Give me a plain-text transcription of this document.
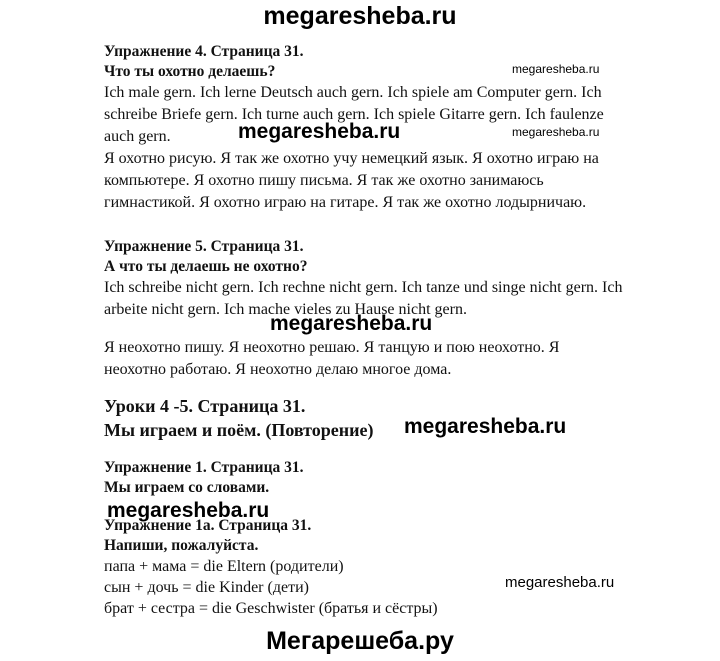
megaresheba.ru
megaresheba.ru
megaresheba.ru
megaresheba.ru
megaresheba.ru
megaresheba.ru
megaresheba.ru
megaresheba.ru

Упражнение 4. Страница 31.

Что ты охотно делаешь?

Ich male gern. Ich lerne Deutsch auch gern. Ich spiele am Computer gern. Ich schreibe Briefe gern. Ich turne auch gern. Ich spiele Gitarre gern. Ich faulenze auch gern.

Я охотно рисую. Я так же охотно учу немецкий язык. Я охотно играю на компьютере. Я охотно пишу письма. Я так же охотно занимаюсь гимнастикой. Я охотно играю на гитаре. Я так же охотно лодырничаю.

Упражнение 5. Страница 31.

А что ты делаешь не охотно?

Ich schreibe nicht gern. Ich rechne nicht gern. Ich tanze und singe nicht gern. Ich arbeite nicht gern. Ich mache vieles zu Hause nicht gern.

Я неохотно пишу. Я неохотно решаю. Я танцую и пою неохотно. Я неохотно работаю. Я неохотно делаю многое дома.

Уроки 4 -5. Страница 31.

Мы играем и поём. (Повторение)

Упражнение 1. Страница 31.

Мы играем со словами.

Упражнение 1а. Страница 31.

Напиши, пожалуйста.

папа + мама = die Eltern (родители)

сын + дочь = die Kinder (дети)

брат + сестра = die Geschwister (братья и сёстры)

Мегарешеба.ру
